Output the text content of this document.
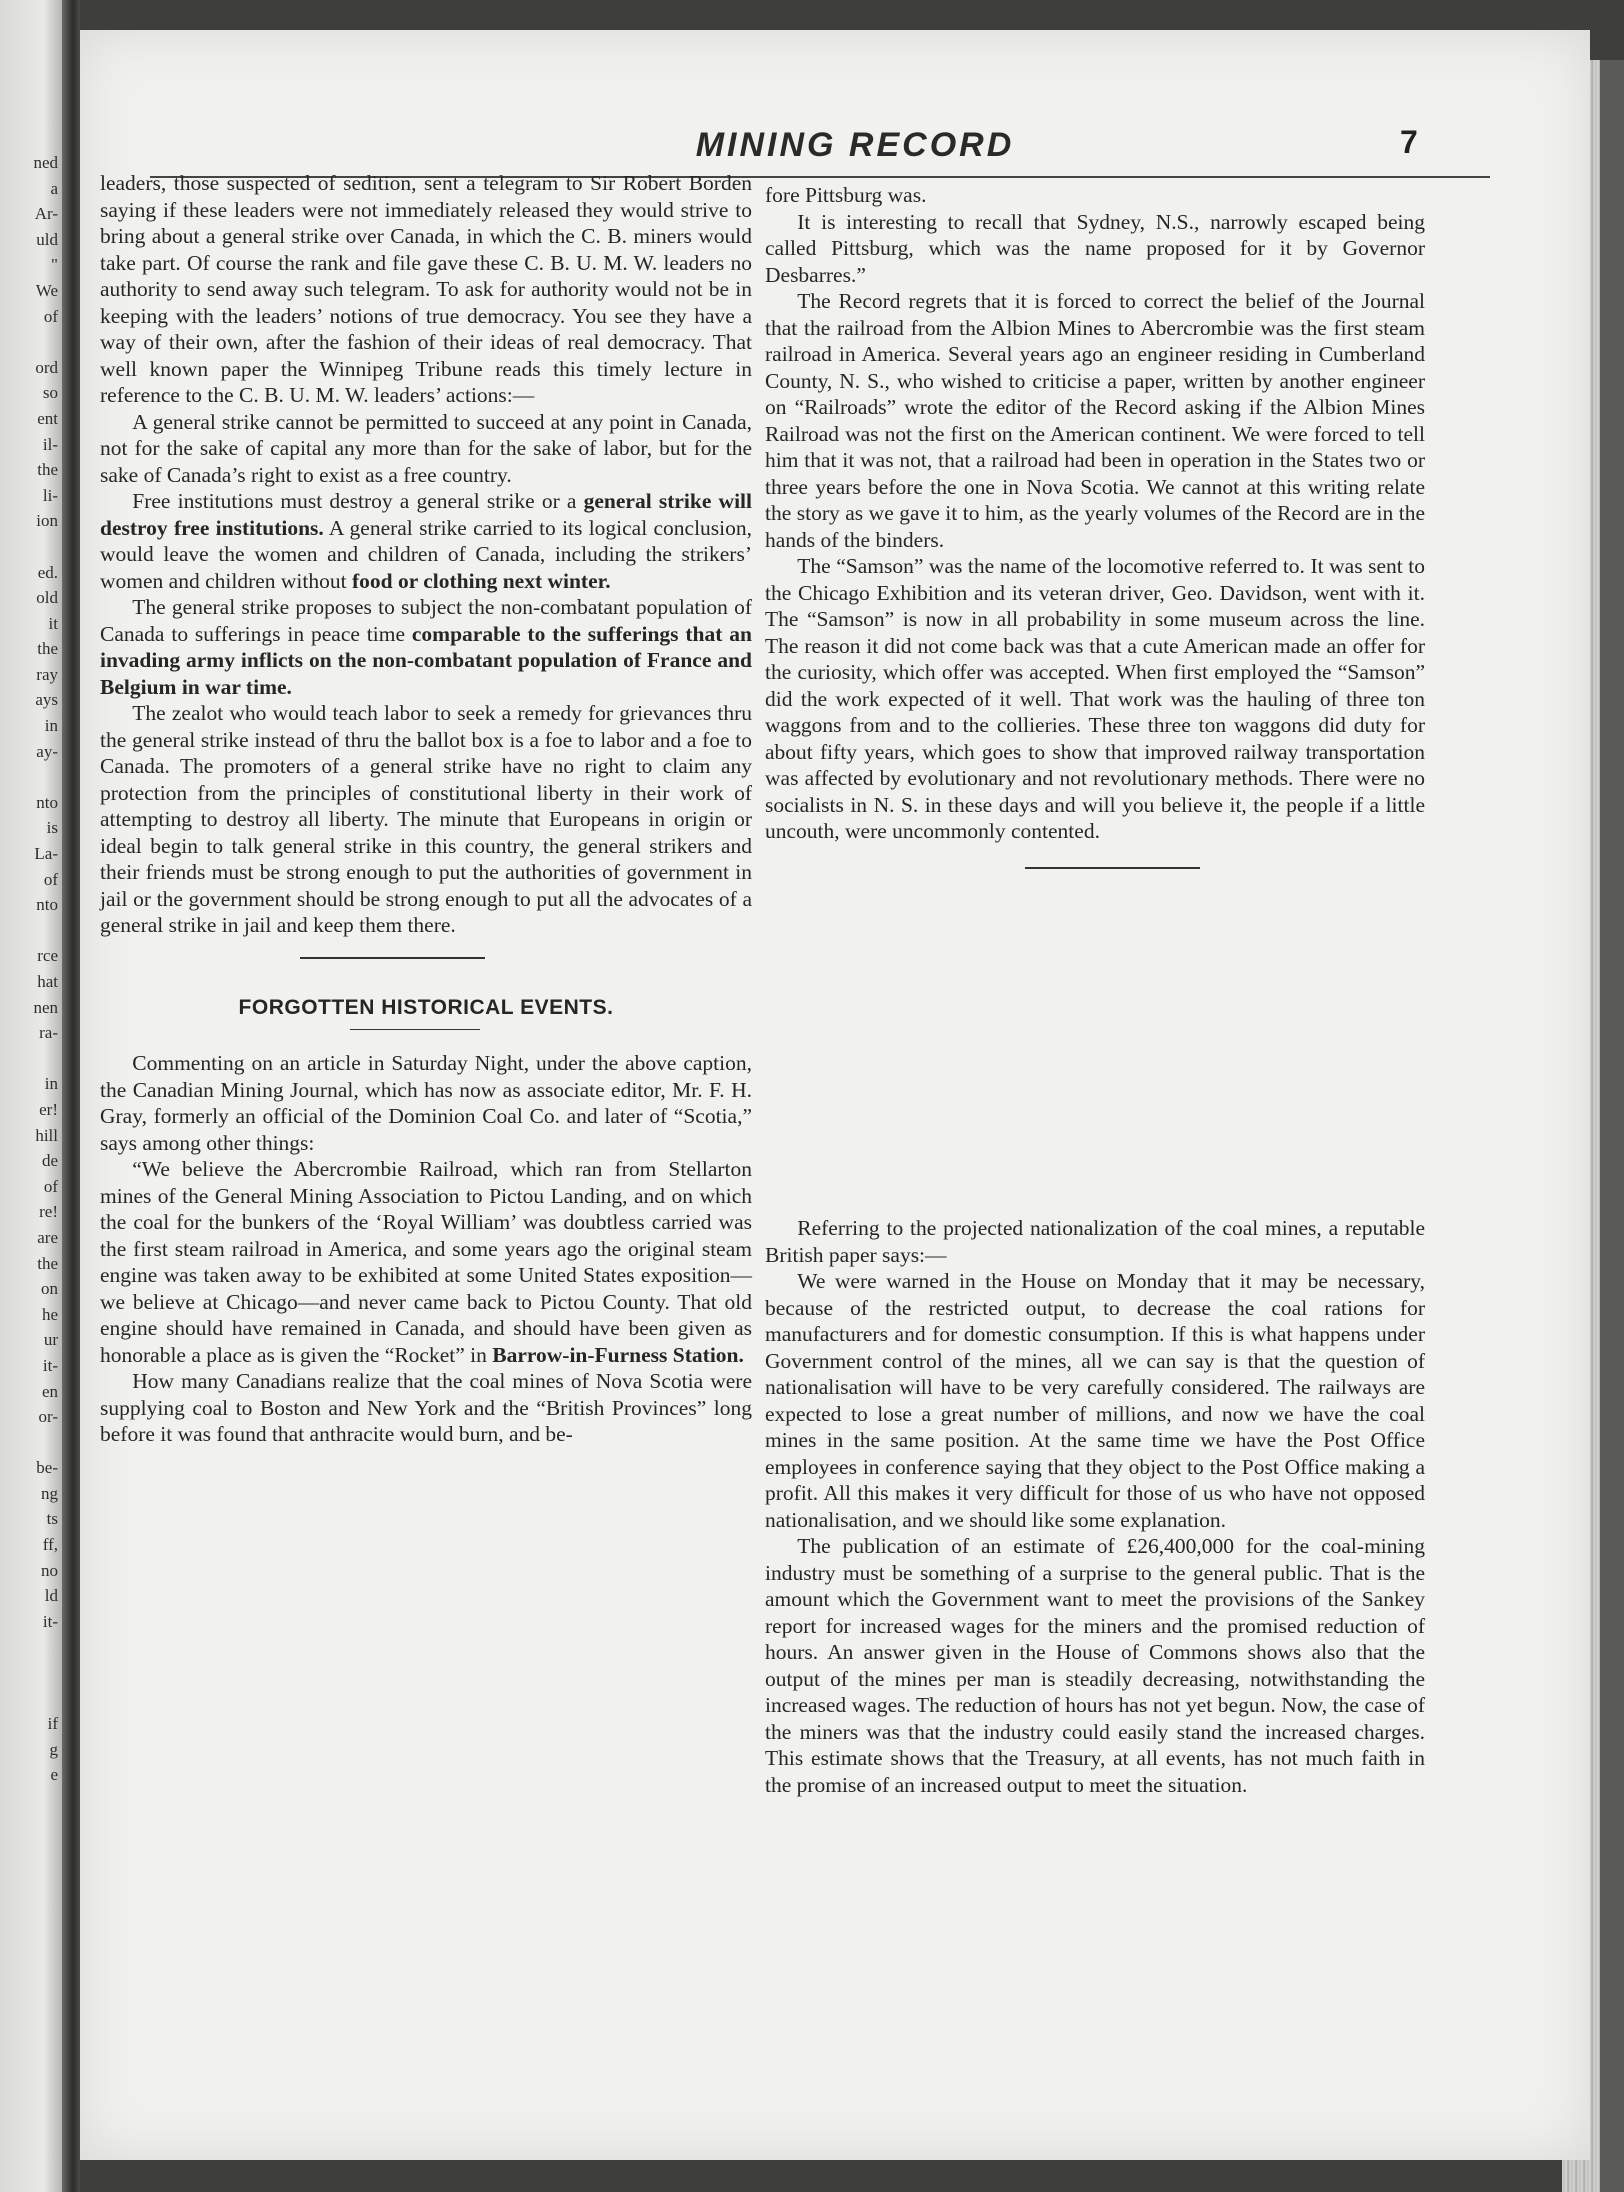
ned
a
Ar-
uld
"
We
of

ord
so
ent
il-
the
li-
ion

ed.
old
it
the
ray
ays
in
ay-

nto
is
La-
of
nto

rce
hat
nen
ra-

in
er!
hill
de
of
re!
are
the
on
he
ur
it-
en
or-

be-
ng
ts
ff,
no
ld
it-

if
g
e
MINING RECORD	7

leaders, those suspected of sedition, sent a telegram to Sir Robert Borden saying if these leaders were not immediately released they would strive to bring about a general strike over Canada, in which the C. B. miners would take part. Of course the rank and file gave these C. B. U. M. W. leaders no authority to send away such telegram. To ask for authority would not be in keeping with the leaders’ notions of true democracy. You see they have a way of their own, after the fashion of their ideas of real democracy. That well known paper the Winnipeg Tribune reads this timely lecture in reference to the C. B. U. M. W. leaders’ actions:—

A general strike cannot be permitted to succeed at any point in Canada, not for the sake of capital any more than for the sake of labor, but for the sake of Canada’s right to exist as a free country.

Free institutions must destroy a general strike or a general strike will destroy free institutions. A general strike carried to its logical conclusion, would leave the women and children of Canada, including the strikers’ women and children without food or clothing next winter.

The general strike proposes to subject the non-combatant population of Canada to sufferings in peace time comparable to the sufferings that an invading army inflicts on the non-combatant population of France and Belgium in war time.

The zealot who would teach labor to seek a remedy for grievances thru the general strike instead of thru the ballot box is a foe to labor and a foe to Canada. The promoters of a general strike have no right to claim any protection from the principles of constitutional liberty in their work of attempting to destroy all liberty. The minute that Europeans in origin or ideal begin to talk general strike in this country, the general strikers and their friends must be strong enough to put the authorities of government in jail or the government should be strong enough to put all the advocates of a general strike in jail and keep them there.

FORGOTTEN HISTORICAL EVENTS.

Commenting on an article in Saturday Night, under the above caption, the Canadian Mining Journal, which has now as associate editor, Mr. F. H. Gray, formerly an official of the Dominion Coal Co. and later of “Scotia,” says among other things:

“We believe the Abercrombie Railroad, which ran from Stellarton mines of the General Mining Association to Pictou Landing, and on which the coal for the bunkers of the ‘Royal William’ was doubtless carried was the first steam railroad in America, and some years ago the original steam engine was taken away to be exhibited at some United States exposition—we believe at Chicago—and never came back to Pictou County. That old engine should have remained in Canada, and should have been given as honorable a place as is given the “Rocket” in Barrow-in-Furness Station.

How many Canadians realize that the coal mines of Nova Scotia were supplying coal to Boston and New York and the “British Provinces” long before it was found that anthracite would burn, and be-

fore Pittsburg was.

It is interesting to recall that Sydney, N.S., narrowly escaped being called Pittsburg, which was the name proposed for it by Governor Desbarres.”

The Record regrets that it is forced to correct the belief of the Journal that the railroad from the Albion Mines to Abercrombie was the first steam railroad in America. Several years ago an engineer residing in Cumberland County, N. S., who wished to criticise a paper, written by another engineer on “Railroads” wrote the editor of the Record asking if the Albion Mines Railroad was not the first on the American continent. We were forced to tell him that it was not, that a railroad had been in operation in the States two or three years before the one in Nova Scotia. We cannot at this writing relate the story as we gave it to him, as the yearly volumes of the Record are in the hands of the binders.

The “Samson” was the name of the locomotive referred to. It was sent to the Chicago Exhibition and its veteran driver, Geo. Davidson, went with it. The “Samson” is now in all probability in some museum across the line. The reason it did not come back was that a cute American made an offer for the curiosity, which offer was accepted. When first employed the “Samson” did the work expected of it well. That work was the hauling of three ton waggons from and to the collieries. These three ton waggons did duty for about fifty years, which goes to show that improved railway transportation was affected by evolutionary and not revolutionary methods. There were no socialists in N. S. in these days and will you believe it, the people if a little uncouth, were uncommonly contented.

Referring to the projected nationalization of the coal mines, a reputable British paper says:—

We were warned in the House on Monday that it may be necessary, because of the restricted output, to decrease the coal rations for manufacturers and for domestic consumption. If this is what happens under Government control of the mines, all we can say is that the question of nationalisation will have to be very carefully considered. The railways are expected to lose a great number of millions, and now we have the coal mines in the same position. At the same time we have the Post Office employees in conference saying that they object to the Post Office making a profit. All this makes it very difficult for those of us who have not opposed nationalisation, and we should like some explanation.

The publication of an estimate of £26,400,000 for the coal-mining industry must be something of a surprise to the general public. That is the amount which the Government want to meet the provisions of the Sankey report for increased wages for the miners and the promised reduction of hours. An answer given in the House of Commons shows also that the output of the mines per man is steadily decreasing, notwithstanding the increased wages. The reduction of hours has not yet begun. Now, the case of the miners was that the industry could easily stand the increased charges. This estimate shows that the Treasury, at all events, has not much faith in the promise of an increased output to meet the situation.
